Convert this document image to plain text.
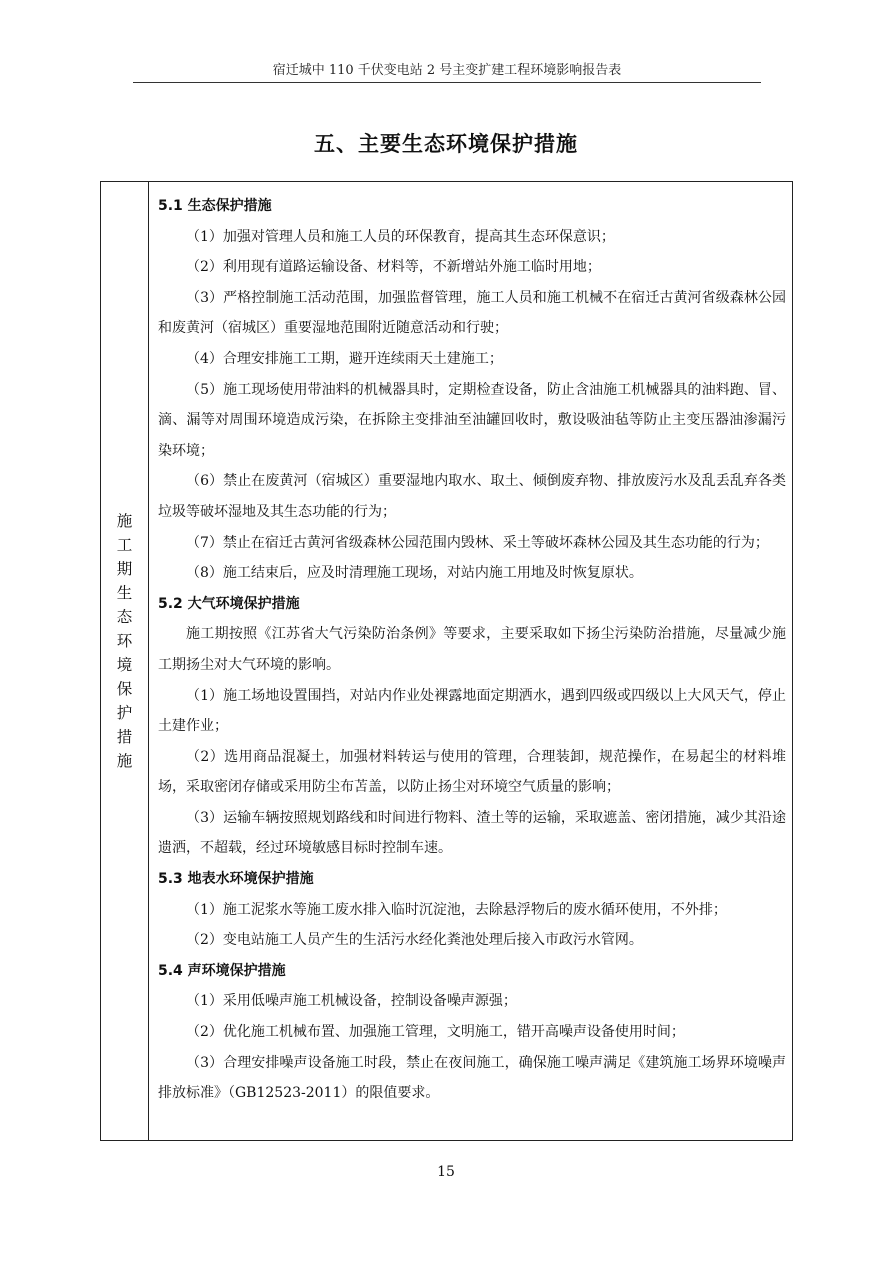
宿迁城中 110 千伏变电站 2 号主变扩建工程环境影响报告表
五、主要生态环境保护措施
施工期生态环境保护措施
5.1 生态保护措施

（1）加强对管理人员和施工人员的环保教育，提高其生态环保意识；

（2）利用现有道路运输设备、材料等，不新增站外施工临时用地；

（3）严格控制施工活动范围，加强监督管理，施工人员和施工机械不在宿迁古黄河省级森林公园和废黄河（宿城区）重要湿地范围附近随意活动和行驶；

（4）合理安排施工工期，避开连续雨天土建施工；

（5）施工现场使用带油料的机械器具时，定期检查设备，防止含油施工机械器具的油料跑、冒、滴、漏等对周围环境造成污染，在拆除主变排油至油罐回收时，敷设吸油毡等防止主变压器油渗漏污染环境；

（6）禁止在废黄河（宿城区）重要湿地内取水、取土、倾倒废弃物、排放废污水及乱丢乱弃各类垃圾等破坏湿地及其生态功能的行为；

（7）禁止在宿迁古黄河省级森林公园范围内毁林、采土等破坏森林公园及其生态功能的行为；

（8）施工结束后，应及时清理施工现场，对站内施工用地及时恢复原状。

5.2 大气环境保护措施

施工期按照《江苏省大气污染防治条例》等要求，主要采取如下扬尘污染防治措施，尽量减少施工期扬尘对大气环境的影响。

（1）施工场地设置围挡，对站内作业处裸露地面定期洒水，遇到四级或四级以上大风天气，停止土建作业；

（2）选用商品混凝土，加强材料转运与使用的管理，合理装卸，规范操作，在易起尘的材料堆场，采取密闭存储或采用防尘布苫盖，以防止扬尘对环境空气质量的影响；

（3）运输车辆按照规划路线和时间进行物料、渣土等的运输，采取遮盖、密闭措施，减少其沿途遗洒，不超载，经过环境敏感目标时控制车速。

5.3 地表水环境保护措施

（1）施工泥浆水等施工废水排入临时沉淀池，去除悬浮物后的废水循环使用，不外排；

（2）变电站施工人员产生的生活污水经化粪池处理后接入市政污水管网。

5.4 声环境保护措施

（1）采用低噪声施工机械设备，控制设备噪声源强；

（2）优化施工机械布置、加强施工管理，文明施工，错开高噪声设备使用时间；

（3）合理安排噪声设备施工时段，禁止在夜间施工，确保施工噪声满足《建筑施工场界环境噪声排放标准》（GB12523-2011）的限值要求。

15
